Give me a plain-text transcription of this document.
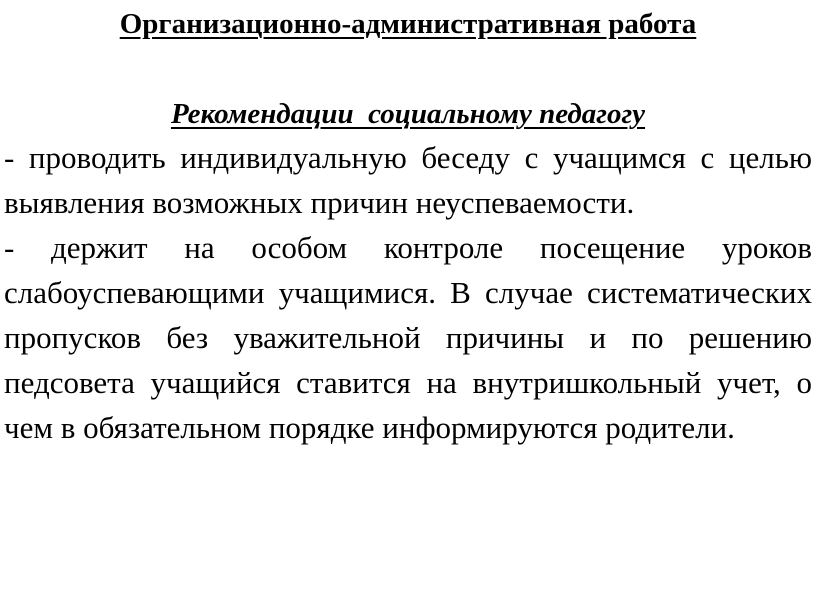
Организационно-административная работа
Рекомендации  социальному педагогу

- проводить индивидуальную беседу с учащимся с целью выявления возможных причин неуспеваемости.

- держит на особом контроле посещение уроков слабоуспевающими учащимися. В случае систематических пропусков без уважительной причины и по решению педсовета учащийся ставится на внутришкольный учет, о чем в обязательном порядке информируются родители.
